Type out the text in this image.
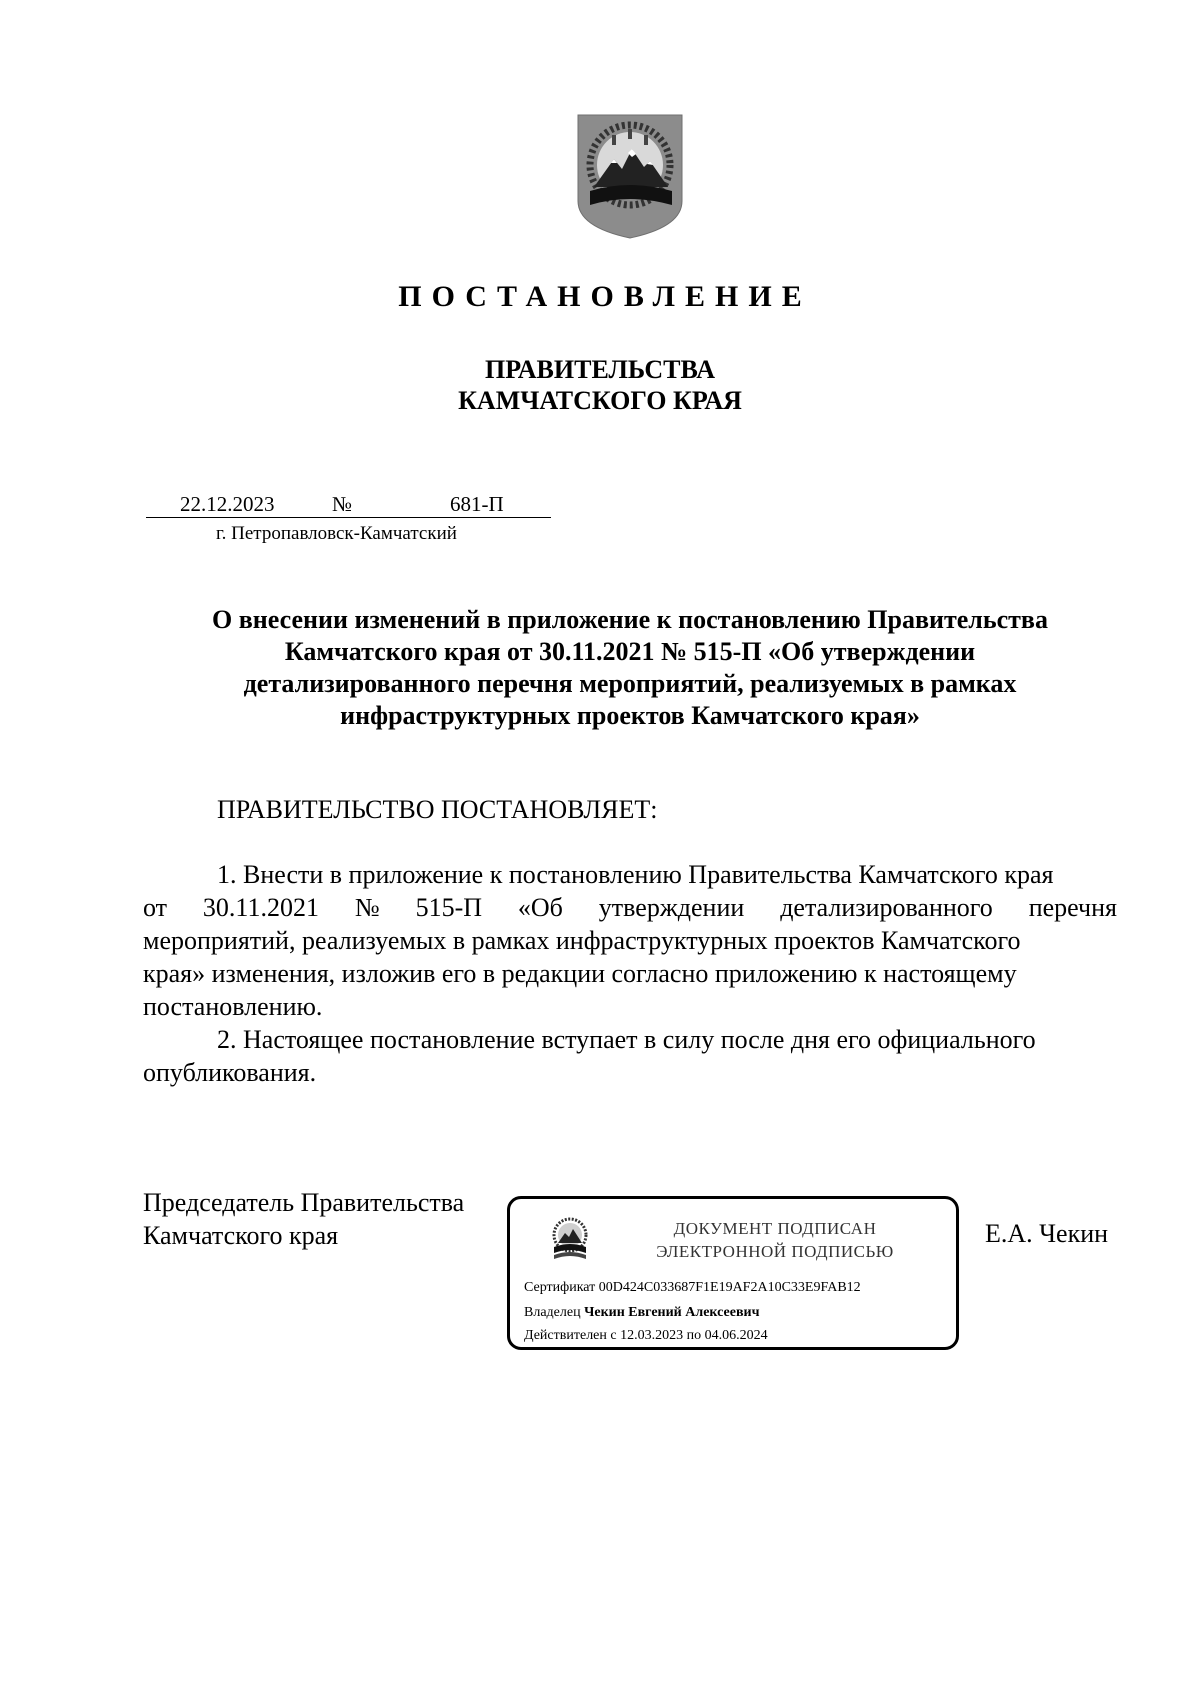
ПОСТАНОВЛЕНИЕ
ПРАВИТЕЛЬСТВА
КАМЧАТСКОГО КРАЯ
22.12.2023	№	681-П
г. Петропавловск-Камчатский
О внесении изменений в приложение к постановлению Правительства
Камчатского края от 30.11.2021 № 515-П «Об утверждении
детализированного перечня мероприятий, реализуемых в рамках
инфраструктурных проектов Камчатского края»
ПРАВИТЕЛЬСТВО ПОСТАНОВЛЯЕТ:
1. Внести в приложение к постановлению Правительства Камчатского края
от 30.11.2021 № 515-П «Об утверждении детализированного перечня
мероприятий, реализуемых в рамках инфраструктурных проектов Камчатского
края» изменения, изложив его в редакции согласно приложению к настоящему
постановлению.
2. Настоящее постановление вступает в силу после дня его официального
опубликования.
Председатель Правительства
Камчатского края	Е.А. Чекин
ДОКУМЕНТ ПОДПИСАН
ЭЛЕКТРОННОЙ ПОДПИСЬЮ
Сертификат 00D424C033687F1E19AF2A10C33E9FAB12
Владелец Чекин Евгений Алексеевич
Действителен с 12.03.2023 по 04.06.2024
